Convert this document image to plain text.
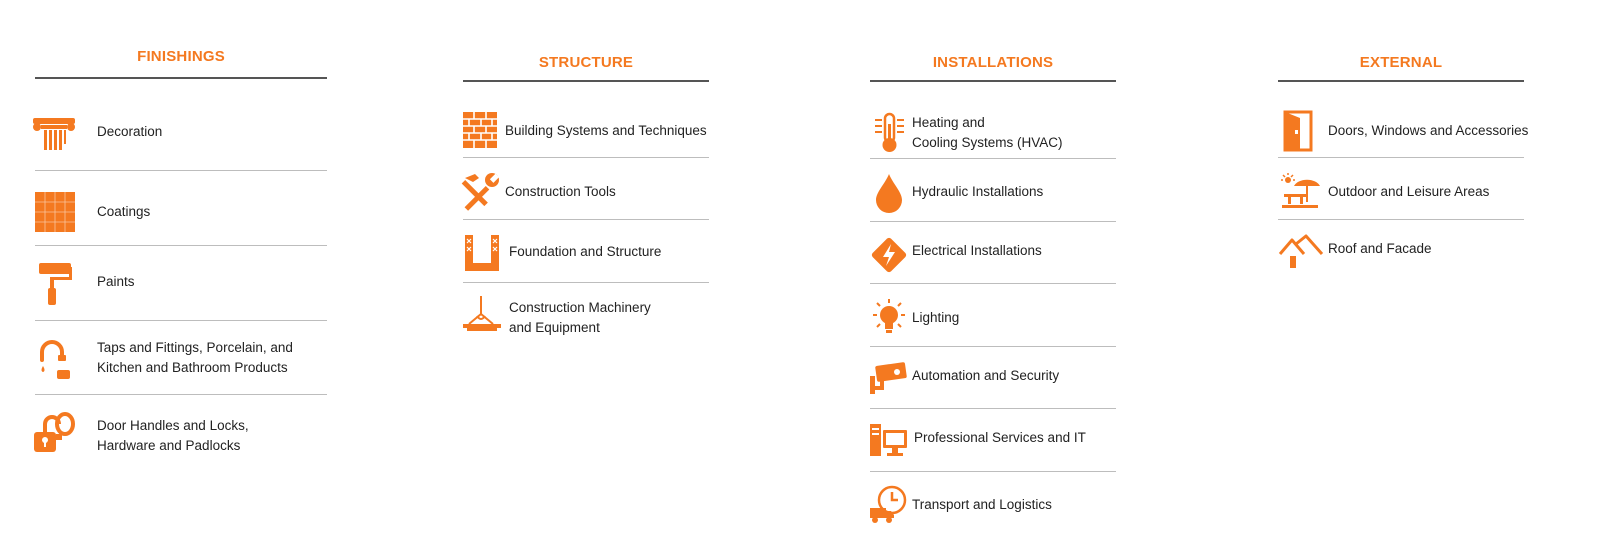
FINISHINGS
Decoration
Coatings
Paints
Taps and Fittings, Porcelain, and
Kitchen and Bathroom Products
Door Handles and Locks,
Hardware and Padlocks
STRUCTURE
Building Systems and Techniques
Construction Tools
Foundation and Structure
Construction Machinery
and Equipment
INSTALLATIONS
Heating and
Cooling Systems (HVAC)
Hydraulic Installations
Electrical Installations
Lighting
Automation and Security
Professional Services and IT
Transport and Logistics
EXTERNAL
Doors, Windows and Accessories
Outdoor and Leisure Areas
Roof and Facade
